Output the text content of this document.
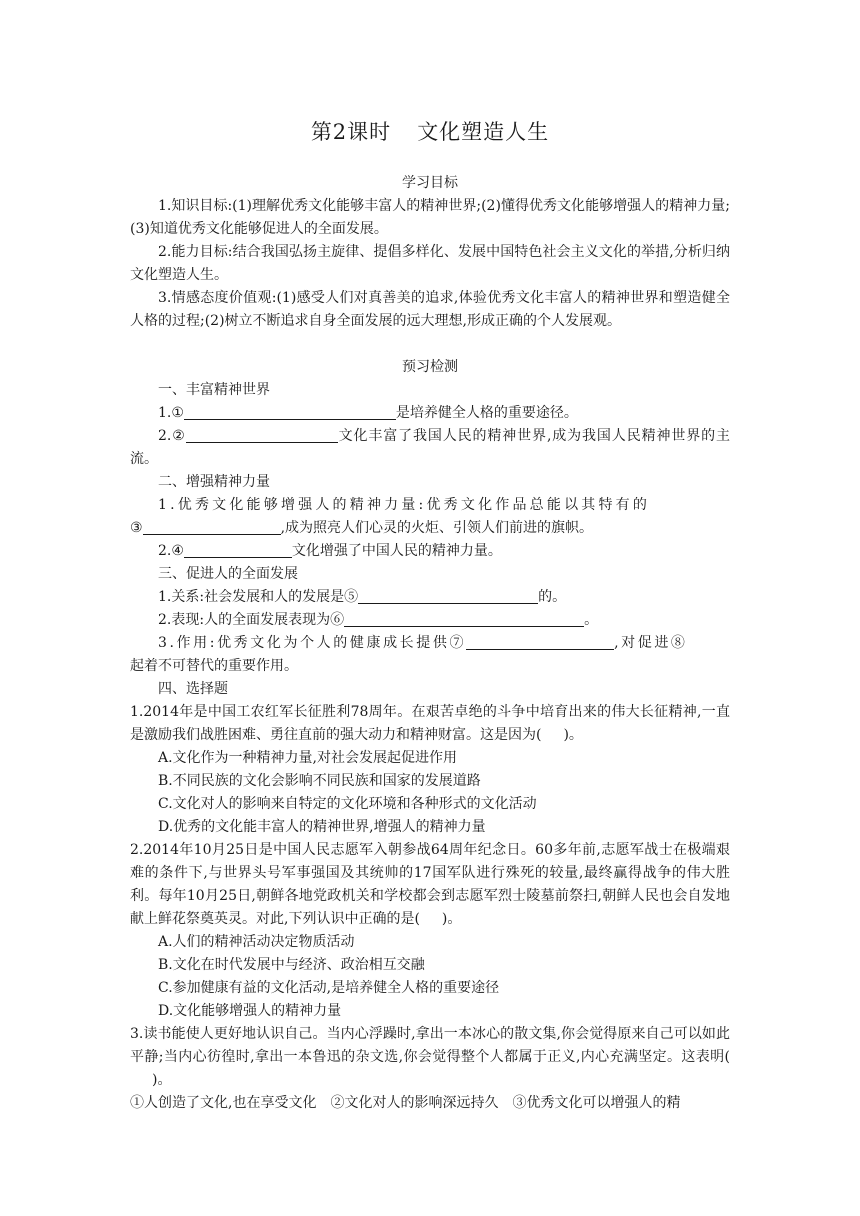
第2课时 文化塑造人生

学习目标

1.知识目标:(1)理解优秀文化能够丰富人的精神世界;(2)懂得优秀文化能够增强人的精神力量;(3)知道优秀文化能够促进人的全面发展。

2.能力目标:结合我国弘扬主旋律、提倡多样化、发展中国特色社会主义文化的举措,分析归纳文化塑造人生。

3.情感态度价值观:(1)感受人们对真善美的追求,体验优秀文化丰富人的精神世界和塑造健全人格的过程;(2)树立不断追求自身全面发展的远大理想,形成正确的个人发展观。

预习检测

一、丰富精神世界

1.①	是培养健全人格的重要途径。

2.②	文化丰富了我国人民的精神世界,成为我国人民精神世界的主流。

二、增强精神力量

1.优秀文化能够增强人的精神力量:优秀文化作品总能以其特有的

③	,成为照亮人们心灵的火炬、引领人们前进的旗帜。

2.④	文化增强了中国人民的精神力量。

三、促进人的全面发展

1.关系:社会发展和人的发展是⑤	的。

2.表现:人的全面发展表现为⑥	。

3.作用:优秀文化为个人的健康成长提供⑦	,对促进⑧

起着不可替代的重要作用。

四、选择题

1.2014年是中国工农红军长征胜利78周年。在艰苦卓绝的斗争中培育出来的伟大长征精神,一直是激励我们战胜困难、勇往直前的强大动力和精神财富。这是因为( )。

A.文化作为一种精神力量,对社会发展起促进作用

B.不同民族的文化会影响不同民族和国家的发展道路

C.文化对人的影响来自特定的文化环境和各种形式的文化活动

D.优秀的文化能丰富人的精神世界,增强人的精神力量

2.2014年10月25日是中国人民志愿军入朝参战64周年纪念日。60多年前,志愿军战士在极端艰难的条件下,与世界头号军事强国及其统帅的17国军队进行殊死的较量,最终赢得战争的伟大胜利。每年10月25日,朝鲜各地党政机关和学校都会到志愿军烈士陵墓前祭扫,朝鲜人民也会自发地献上鲜花祭奠英灵。对此,下列认识中正确的是( )。

A.人们的精神活动决定物质活动

B.文化在时代发展中与经济、政治相互交融

C.参加健康有益的文化活动,是培养健全人格的重要途径

D.文化能够增强人的精神力量

3.读书能使人更好地认识自己。当内心浮躁时,拿出一本冰心的散文集,你会觉得原来自己可以如此平静;当内心彷徨时,拿出一本鲁迅的杂文选,你会觉得整个人都属于正义,内心充满坚定。这表明()。

①人创造了文化,也在享受文化　②文化对人的影响深远持久　③优秀文化可以增强人的精
